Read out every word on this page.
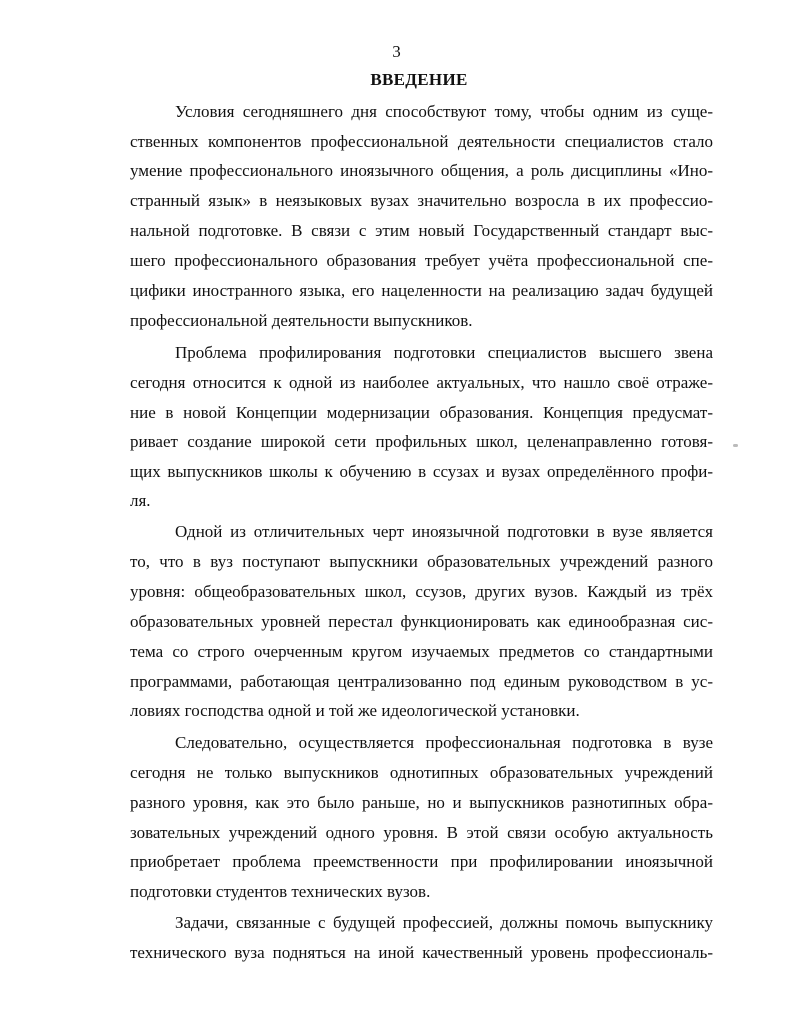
3
ВВЕДЕНИЕ
Условия сегодняшнего дня способствуют тому, чтобы одним из суще-
ственных компонентов профессиональной деятельности специалистов стало
умение профессионального иноязычного общения, а роль дисциплины «Ино-
странный язык» в неязыковых вузах значительно возросла в их профессио-
нальной подготовке. В связи с этим новый Государственный стандарт выс-
шего профессионального образования требует учёта профессиональной спе-
цифики иностранного языка, его нацеленности на реализацию задач будущей
профессиональной деятельности выпускников.
Проблема профилирования подготовки специалистов высшего звена
сегодня относится к одной из наиболее актуальных, что нашло своё отраже-
ние в новой Концепции модернизации образования. Концепция предусмат-
ривает создание широкой сети профильных школ, целенаправленно готовя-
щих выпускников школы к обучению в ссузах и вузах определённого профи-
ля.
Одной из отличительных черт иноязычной подготовки в вузе является
то, что в вуз поступают выпускники образовательных учреждений разного
уровня: общеобразовательных школ, ссузов, других вузов. Каждый из трёх
образовательных уровней перестал функционировать как единообразная сис-
тема со строго очерченным кругом изучаемых предметов со стандартными
программами, работающая централизованно под единым руководством в ус-
ловиях господства одной и той же идеологической установки.
Следовательно, осуществляется профессиональная подготовка в вузе
сегодня не только выпускников однотипных образовательных учреждений
разного уровня, как это было раньше, но и выпускников разнотипных обра-
зовательных учреждений одного уровня. В этой связи особую актуальность
приобретает проблема преемственности при профилировании иноязычной
подготовки студентов технических вузов.
Задачи, связанные с будущей профессией, должны помочь выпускнику
технического вуза подняться на иной качественный уровень профессиональ-
